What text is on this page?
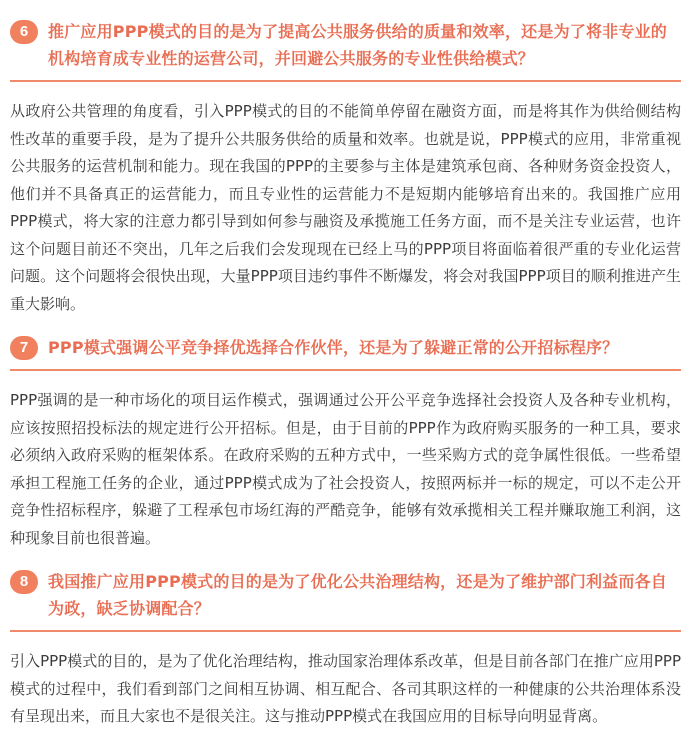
6	推广应用PPP模式的目的是为了提高公共服务供给的质量和效率，还是为了将非专业的机构培育成专业性的运营公司，并回避公共服务的专业性供给模式？

从政府公共管理的角度看，引入PPP模式的目的不能简单停留在融资方面，而是将其作为供给侧结构性改革的重要手段，是为了提升公共服务供给的质量和效率。也就是说，PPP模式的应用，非常重视公共服务的运营机制和能力。现在我国的PPP的主要参与主体是建筑承包商、各种财务资金投资人，他们并不具备真正的运营能力，而且专业性的运营能力不是短期内能够培育出来的。我国推广应用PPP模式，将大家的注意力都引导到如何参与融资及承揽施工任务方面，而不是关注专业运营，也许这个问题目前还不突出，几年之后我们会发现现在已经上马的PPP项目将面临着很严重的专业化运营问题。这个问题将会很快出现，大量PPP项目违约事件不断爆发，将会对我国PPP项目的顺利推进产生重大影响。

7	PPP模式强调公平竞争择优选择合作伙伴，还是为了躲避正常的公开招标程序？

PPP强调的是一种市场化的项目运作模式，强调通过公开公平竞争选择社会投资人及各种专业机构，应该按照招投标法的规定进行公开招标。但是，由于目前的PPP作为政府购买服务的一种工具，要求必须纳入政府采购的框架体系。在政府采购的五种方式中，一些采购方式的竞争属性很低。一些希望承担工程施工任务的企业，通过PPP模式成为了社会投资人，按照两标并一标的规定，可以不走公开竞争性招标程序，躲避了工程承包市场红海的严酷竞争，能够有效承揽相关工程并赚取施工利润，这种现象目前也很普遍。

8	我国推广应用PPP模式的目的是为了优化公共治理结构，还是为了维护部门利益而各自为政，缺乏协调配合？

引入PPP模式的目的，是为了优化治理结构，推动国家治理体系改革，但是目前各部门在推广应用PPP模式的过程中，我们看到部门之间相互协调、相互配合、各司其职这样的一种健康的公共治理体系没有呈现出来，而且大家也不是很关注。这与推动PPP模式在我国应用的目标导向明显背离。
